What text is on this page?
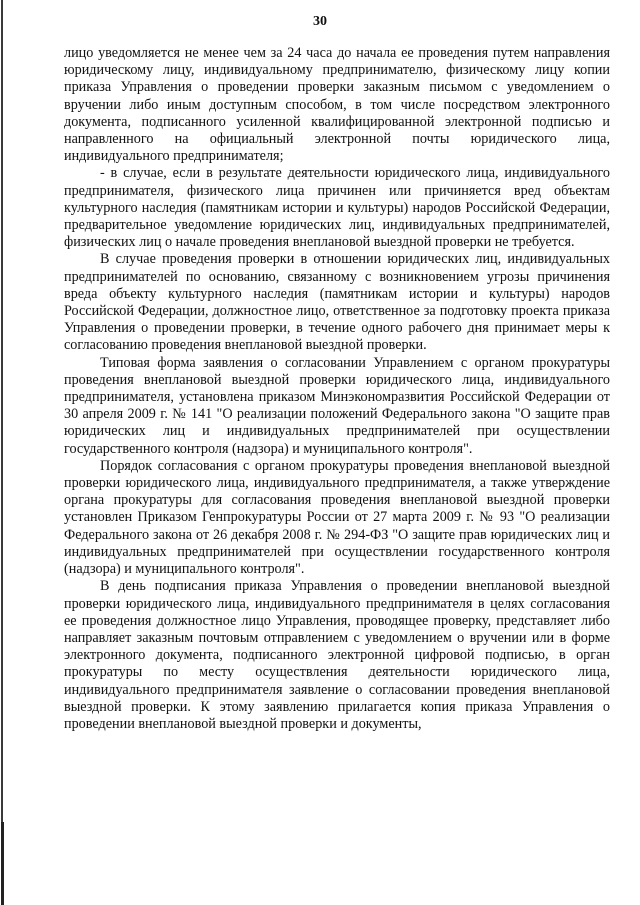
30

лицо уведомляется не менее чем за 24 часа до начала ее проведения путем направления юридическому лицу, индивидуальному предпринимателю, физическому лицу копии приказа Управления о проведении проверки заказным письмом с уведомлением о вручении либо иным доступным способом, в том числе посредством электронного документа, подписанного усиленной квалифицированной электронной подписью и направленного на официальный электронной почты юридического лица, индивидуального предпринимателя;

- в случае, если в результате деятельности юридического лица, индивидуального предпринимателя, физического лица причинен или причиняется вред объектам культурного наследия (памятникам истории и культуры) народов Российской Федерации, предварительное уведомление юридических лиц, индивидуальных предпринимателей, физических лиц о начале проведения внеплановой выездной проверки не требуется.

В случае проведения проверки в отношении юридических лиц, индивидуальных предпринимателей по основанию, связанному с возникновением угрозы причинения вреда объекту культурного наследия (памятникам истории и культуры) народов Российской Федерации, должностное лицо, ответственное за подготовку проекта приказа Управления о проведении проверки, в течение одного рабочего дня принимает меры к согласованию проведения внеплановой выездной проверки.

Типовая форма заявления о согласовании Управлением с органом прокуратуры проведения внеплановой выездной проверки юридического лица, индивидуального предпринимателя, установлена приказом Минэкономразвития Российской Федерации от 30 апреля 2009 г. № 141 "О реализации положений Федерального закона "О защите прав юридических лиц и индивидуальных предпринимателей при осуществлении государственного контроля (надзора) и муниципального контроля".

Порядок согласования с органом прокуратуры проведения внеплановой выездной проверки юридического лица, индивидуального предпринимателя, а также утверждение органа прокуратуры для согласования проведения внеплановой выездной проверки установлен Приказом Генпрокуратуры России от 27 марта 2009 г. № 93 "О реализации Федерального закона от 26 декабря 2008 г. № 294-ФЗ "О защите прав юридических лиц и индивидуальных предпринимателей при осуществлении государственного контроля (надзора) и муниципального контроля".

В день подписания приказа Управления о проведении внеплановой выездной проверки юридического лица, индивидуального предпринимателя в целях согласования ее проведения должностное лицо Управления, проводящее проверку, представляет либо направляет заказным почтовым отправлением с уведомлением о вручении или в форме электронного документа, подписанного электронной цифровой подписью, в орган прокуратуры по месту осуществления деятельности юридического лица, индивидуального предпринимателя заявление о согласовании проведения внеплановой выездной проверки. К этому заявлению прилагается копия приказа Управления о проведении внеплановой выездной проверки и документы,
